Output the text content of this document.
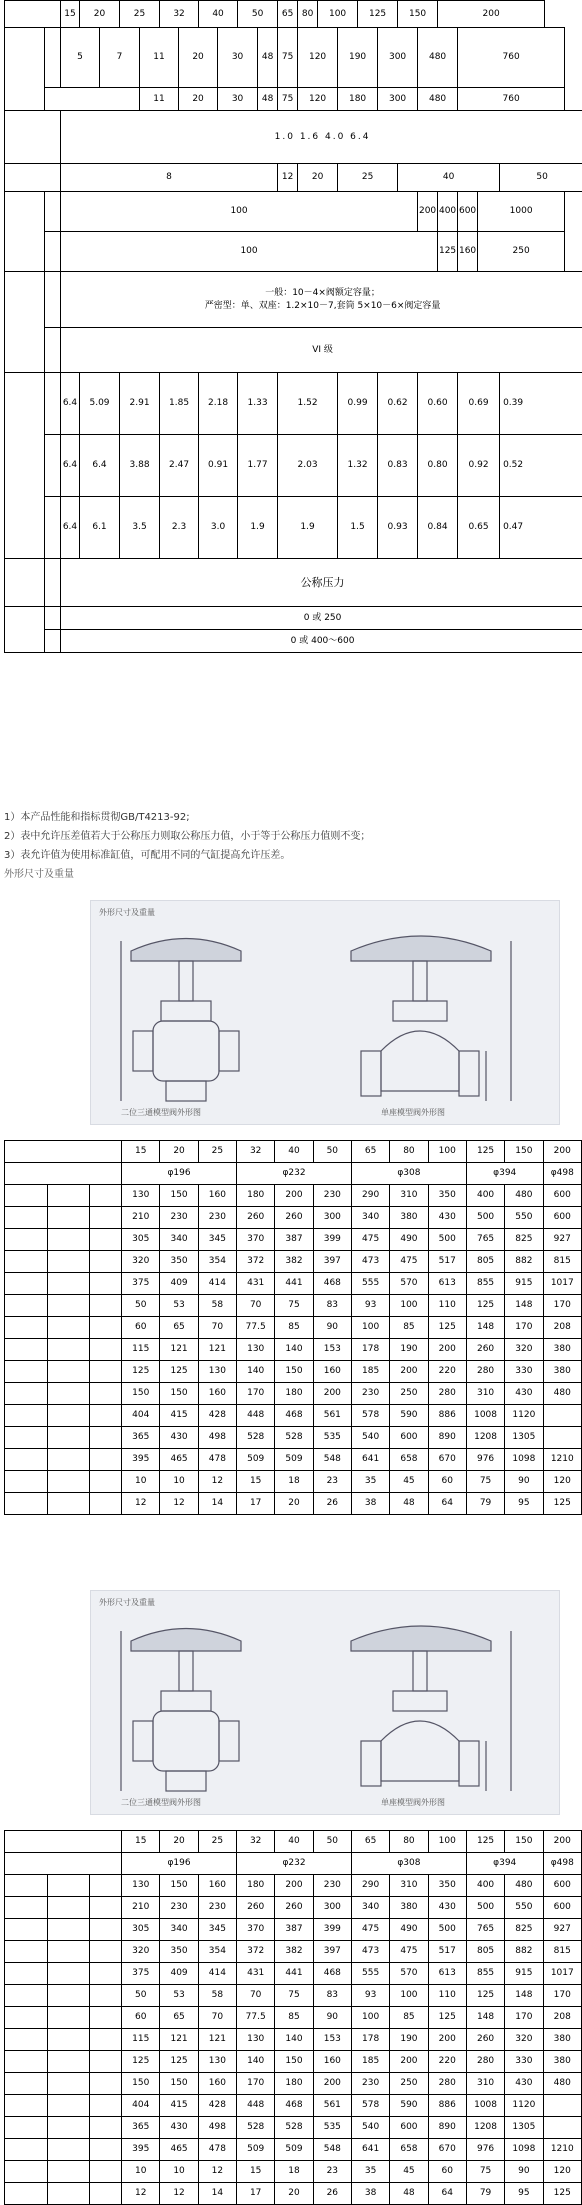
		15	20		25		32		40		50		65	80	100		125		150		200			
		5		7		11		20		30		48	75	120		190		300		480		760		
						11		20		30		48	75	120		180		300		480		760		
		1.0 1.6 4.0 6.4																						
		8											12	20		25			40					50
		100																		200	400	600	1000	
		100																			125	160	250	

		一般：10－4×阀额定容量；
严密型：单、双座：1.2×10－7,套筒 5×10－6×阀定容量																						

		VI 级																						
		6.4	5.09		2.91		1.85		2.18		1.33		1.52			0.99		0.62		0.60		0.69		0.39
		6.4	6.4		3.88		2.47		0.91		1.77		2.03			1.32		0.83		0.80		0.92		0.52
		6.4	6.1		3.5		2.3		3.0		1.9		1.9			1.5		0.93		0.84		0.65		0.47
		公称压力																						
		0 或 250																						
		0 或 400～600																						
1）本产品性能和指标贯彻GB/T4213-92;
2）表中允许压差值若大于公称压力则取公称压力值，小于等于公称压力值则不变；
3）表允许值为使用标准缸值，可配用不同的气缸提高允许压差。
外形尺寸及重量
外形尺寸及重量
二位三通模型阀外形图	单座模型阀外形图
			15	20	25	32	40	50	65	80	100	125	150	200
			φ196			φ232			φ308			φ394		φ498
			130	150	160	180	200	230	290	310	350	400	480	600
			210	230	230	260	260	300	340	380	430	500	550	600
			305	340	345	370	387	399	475	490	500	765	825	927
			320	350	354	372	382	397	473	475	517	805	882	815
			375	409	414	431	441	468	555	570	613	855	915	1017
			50	53	58	70	75	83	93	100	110	125	148	170
			60	65	70	77.5	85	90	100	85	125	148	170	208
			115	121	121	130	140	153	178	190	200	260	320	380
			125	125	130	140	150	160	185	200	220	280	330	380
			150	150	160	170	180	200	230	250	280	310	430	480
			404	415	428	448	468	561	578	590	886	1008	1120	
			365	430	498	528	528	535	540	600	890	1208	1305	
			395	465	478	509	509	548	641	658	670	976	1098	1210
			10	10	12	15	18	23	35	45	60	75	90	120
			12	12	14	17	20	26	38	48	64	79	95	125
外形尺寸及重量
二位三通模型阀外形图	单座模型阀外形图
			15	20	25	32	40	50	65	80	100	125	150	200
			φ196			φ232			φ308			φ394		φ498
			130	150	160	180	200	230	290	310	350	400	480	600
			210	230	230	260	260	300	340	380	430	500	550	600
			305	340	345	370	387	399	475	490	500	765	825	927
			320	350	354	372	382	397	473	475	517	805	882	815
			375	409	414	431	441	468	555	570	613	855	915	1017
			50	53	58	70	75	83	93	100	110	125	148	170
			60	65	70	77.5	85	90	100	85	125	148	170	208
			115	121	121	130	140	153	178	190	200	260	320	380
			125	125	130	140	150	160	185	200	220	280	330	380
			150	150	160	170	180	200	230	250	280	310	430	480
			404	415	428	448	468	561	578	590	886	1008	1120	
			365	430	498	528	528	535	540	600	890	1208	1305	
			395	465	478	509	509	548	641	658	670	976	1098	1210
			10	10	12	15	18	23	35	45	60	75	90	120
			12	12	14	17	20	26	38	48	64	79	95	125
